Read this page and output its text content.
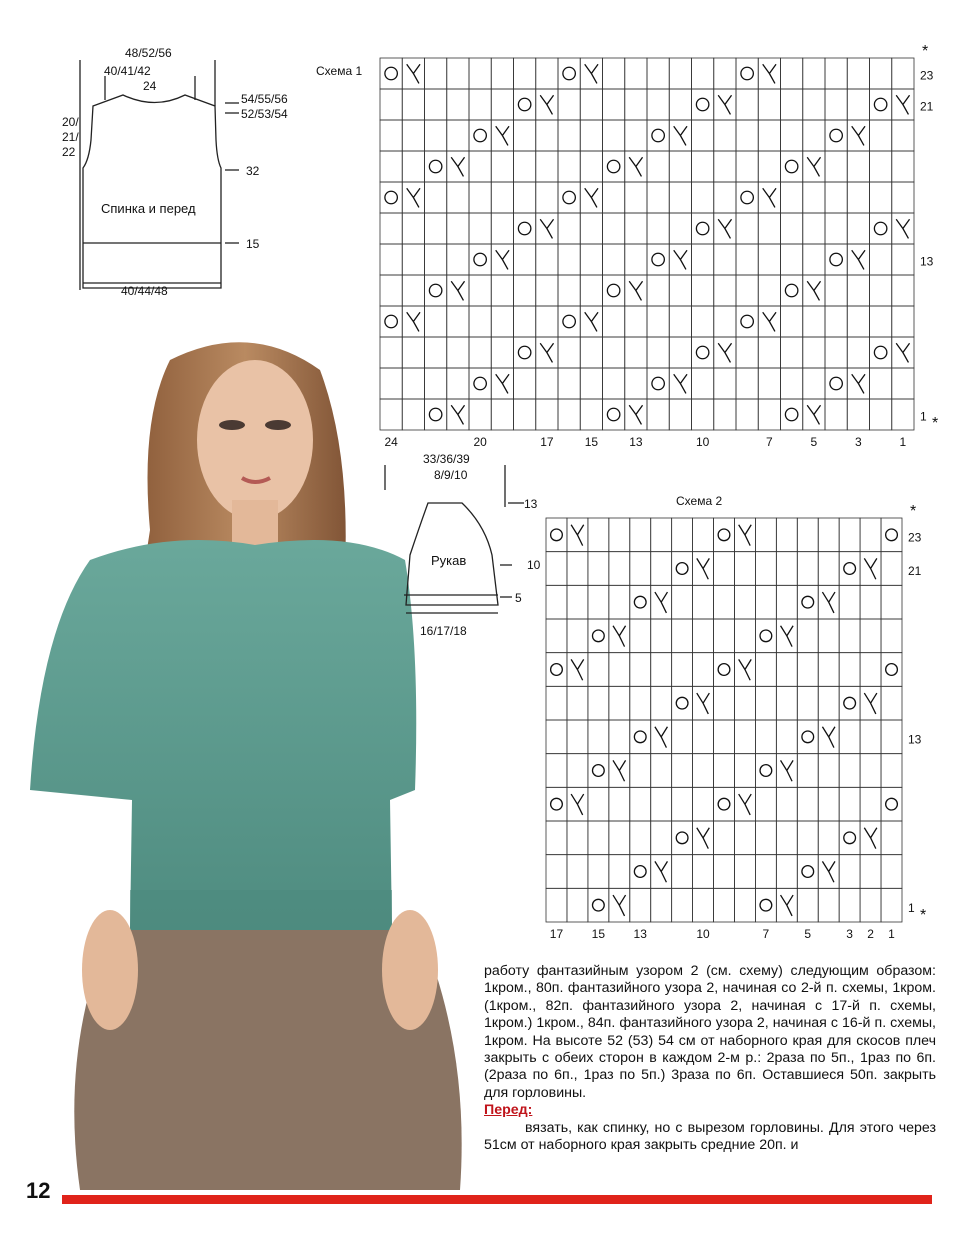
48/52/56
40/41/42
24
20/
21/
22
54/55/56
52/53/54
32
Спинка и перед
15
40/44/48
Схема 1	23
21
13
1
24	20	17	15	13	10	7	5	3	1
*
*
33/36/39
8/9/10
13
Рукав	10
5
16/17/18
Схема 2
23
21
13
1
17 15 13	10	7	5	3 2 1
*
*

работу фантазийным узором 2 (см. схему) следующим образом: 1кром., 80п. фантазийного узора 2, начиная со 2-й п. схемы, 1кром. (1кром., 82п. фантазийного узора 2, начиная с 17-й п. схемы, 1кром.) 1кром., 84п. фантазийного узора 2, начиная с 16-й п. схемы, 1кром. На высоте 52 (53) 54 см от наборного края для скосов плеч закрыть с обеих сторон в каждом 2-м р.: 2раза по 5п., 1раз по 6п. (2раза по 6п., 1раз по 5п.) 3раза по 6п. Оставшиеся 50п. закрыть для горловины.

Перед:
вязать, как спинку, но с вырезом горловины. Для этого через 51см от наборного края закрыть средние 20п. и

12
